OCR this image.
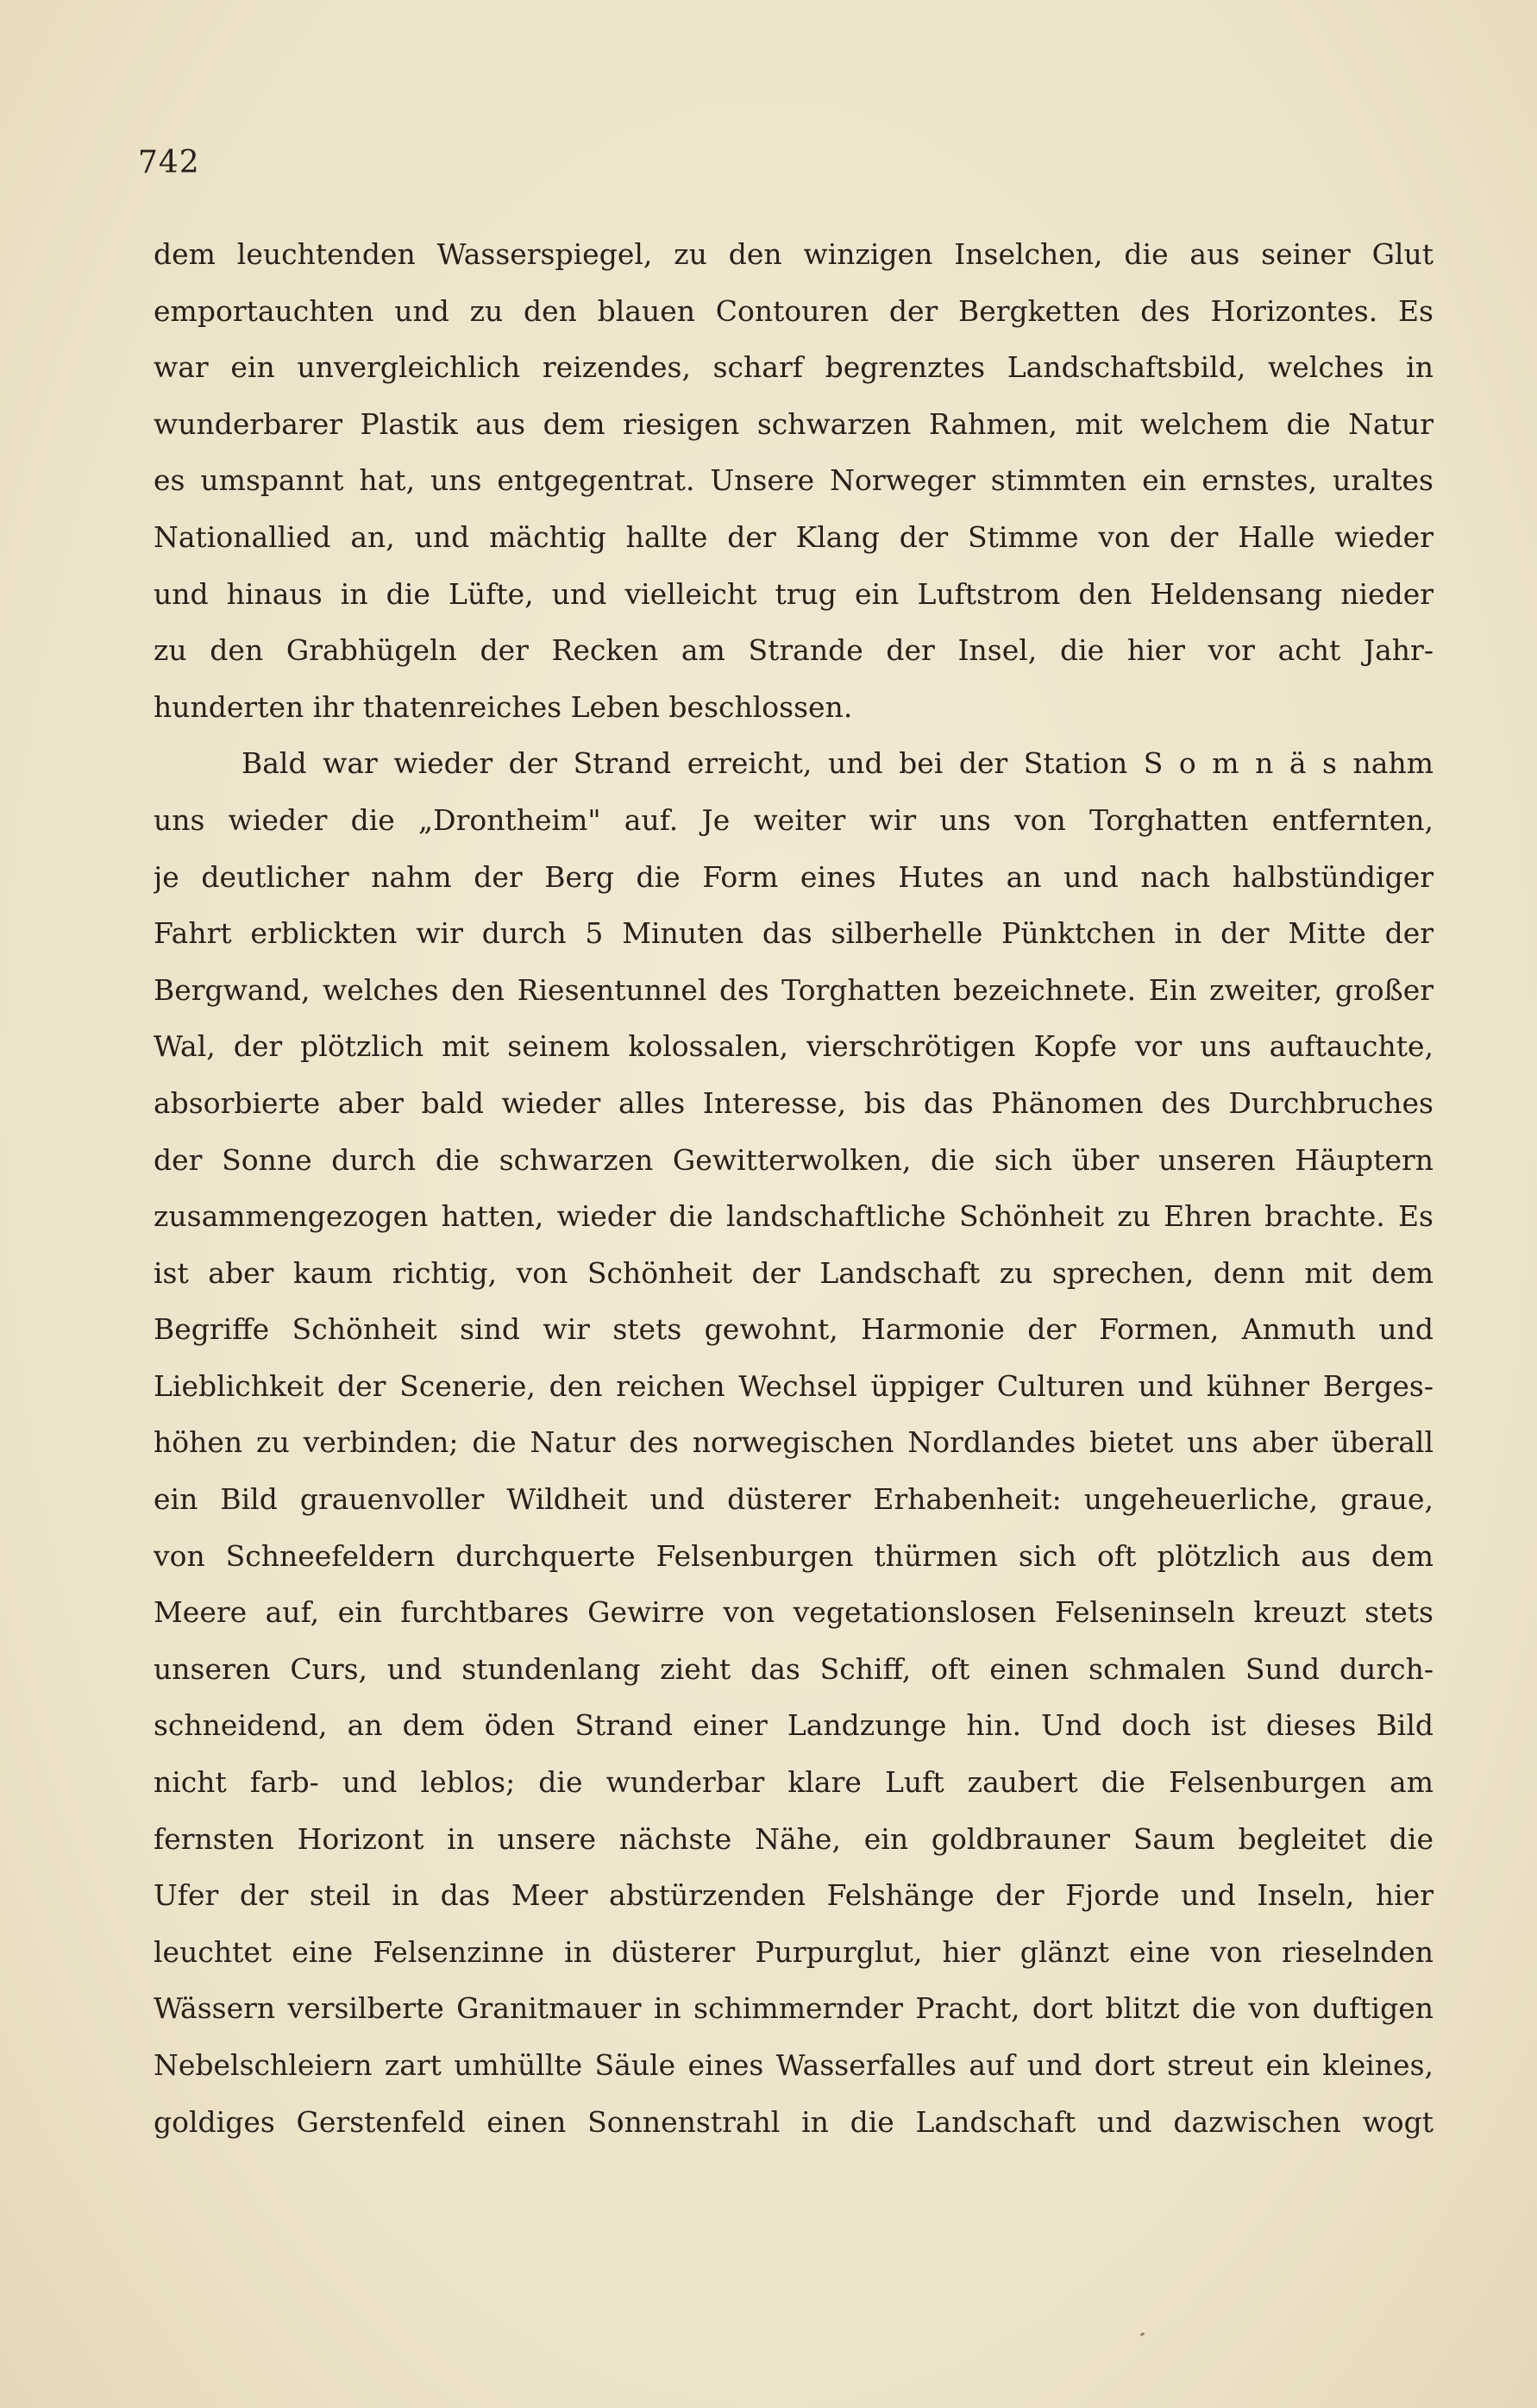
742
dem leuchtenden Wasserspiegel, zu den winzigen Inselchen, die aus seiner Glut
emportauchten und zu den blauen Contouren der Bergketten des Horizontes. Es
war ein unvergleichlich reizendes, scharf begrenztes Landschaftsbild, welches in
wunderbarer Plastik aus dem riesigen schwarzen Rahmen, mit welchem die Natur
es umspannt hat, uns entgegentrat. Unsere Norweger stimmten ein ernstes, uraltes
Nationallied an, und mächtig hallte der Klang der Stimme von der Halle wieder
und hinaus in die Lüfte, und vielleicht trug ein Luftstrom den Heldensang nieder
zu den Grabhügeln der Recken am Strande der Insel, die hier vor acht Jahr-
hunderten ihr thatenreiches Leben beschlossen.
Bald war wieder der Strand erreicht, und bei der Station S o m n ä s nahm
uns wieder die „Drontheim" auf. Je weiter wir uns von Torghatten entfernten,
je deutlicher nahm der Berg die Form eines Hutes an und nach halbstündiger
Fahrt erblickten wir durch 5 Minuten das silberhelle Pünktchen in der Mitte der
Bergwand, welches den Riesentunnel des Torghatten bezeichnete. Ein zweiter, großer
Wal, der plötzlich mit seinem kolossalen, vierschrötigen Kopfe vor uns auftauchte,
absorbierte aber bald wieder alles Interesse, bis das Phänomen des Durchbruches
der Sonne durch die schwarzen Gewitterwolken, die sich über unseren Häuptern
zusammengezogen hatten, wieder die landschaftliche Schönheit zu Ehren brachte. Es
ist aber kaum richtig, von Schönheit der Landschaft zu sprechen, denn mit dem
Begriffe Schönheit sind wir stets gewohnt, Harmonie der Formen, Anmuth und
Lieblichkeit der Scenerie, den reichen Wechsel üppiger Culturen und kühner Berges-
höhen zu verbinden; die Natur des norwegischen Nordlandes bietet uns aber überall
ein Bild grauenvoller Wildheit und düsterer Erhabenheit: ungeheuerliche, graue,
von Schneefeldern durchquerte Felsenburgen thürmen sich oft plötzlich aus dem
Meere auf, ein furchtbares Gewirre von vegetationslosen Felseninseln kreuzt stets
unseren Curs, und stundenlang zieht das Schiff, oft einen schmalen Sund durch-
schneidend, an dem öden Strand einer Landzunge hin. Und doch ist dieses Bild
nicht farb- und leblos; die wunderbar klare Luft zaubert die Felsenburgen am
fernsten Horizont in unsere nächste Nähe, ein goldbrauner Saum begleitet die
Ufer der steil in das Meer abstürzenden Felshänge der Fjorde und Inseln, hier
leuchtet eine Felsenzinne in düsterer Purpurglut, hier glänzt eine von rieselnden
Wässern versilberte Granitmauer in schimmernder Pracht, dort blitzt die von duftigen
Nebelschleiern zart umhüllte Säule eines Wasserfalles auf und dort streut ein kleines,
goldiges Gerstenfeld einen Sonnenstrahl in die Landschaft und dazwischen wogt
